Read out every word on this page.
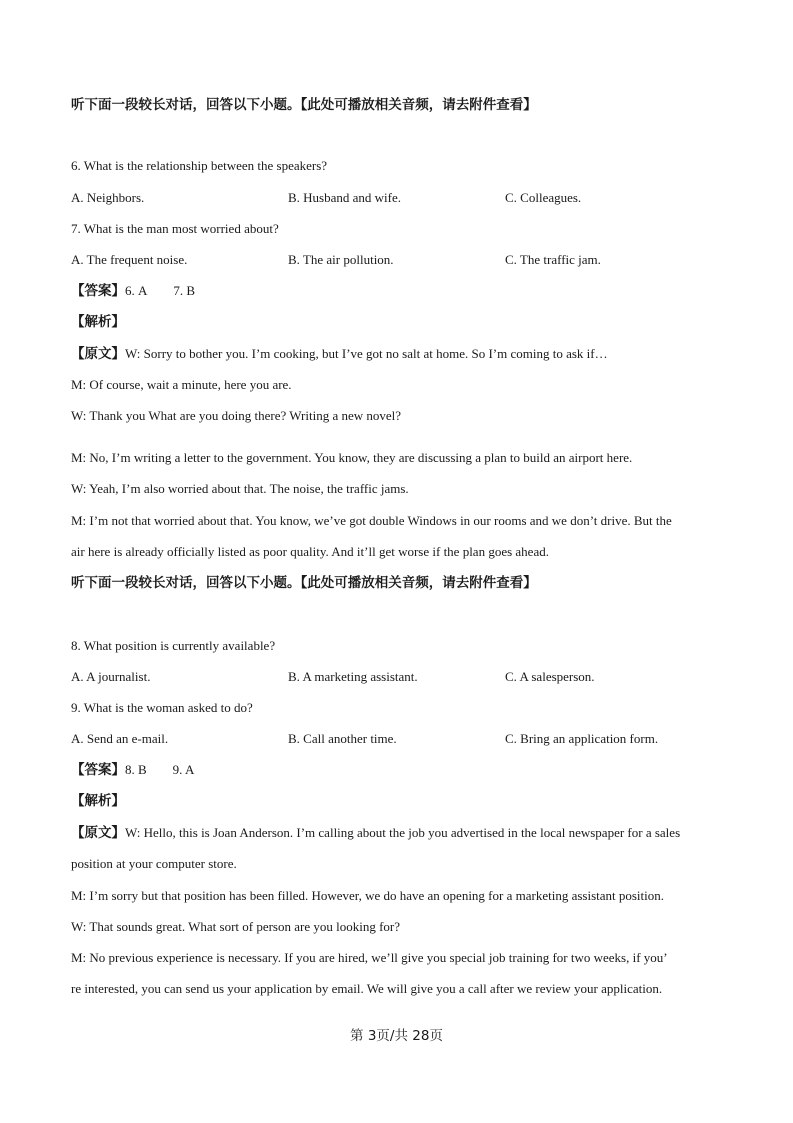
听下面一段较长对话，回答以下小题。【此处可播放相关音频，请去附件查看】
6. What is the relationship between the speakers?
A. Neighbors.	B. Husband and wife.	C. Colleagues.
7. What is the man most worried about?
A. The frequent noise.	B. The air pollution.	C. The traffic jam.
【答案】6. A 7. B
【解析】
【原文】W: Sorry to bother you. I’m cooking, but I’ve got no salt at home. So I’m coming to ask if…
M: Of course, wait a minute, here you are.
W: Thank you What are you doing there? Writing a new novel?
M: No, I’m writing a letter to the government. You know, they are discussing a plan to build an airport here.
W: Yeah, I’m also worried about that. The noise, the traffic jams.
M: I’m not that worried about that. You know, we’ve got double Windows in our rooms and we don’t drive. But the
air here is already officially listed as poor quality. And it’ll get worse if the plan goes ahead.
听下面一段较长对话，回答以下小题。【此处可播放相关音频，请去附件查看】
8. What position is currently available?
A. A journalist.	B. A marketing assistant.	C. A salesperson.
9. What is the woman asked to do?
A. Send an e-mail.	B. Call another time.	C. Bring an application form.
【答案】8. B 9. A
【解析】
【原文】W: Hello, this is Joan Anderson. I’m calling about the job you advertised in the local newspaper for a sales
position at your computer store.
M: I’m sorry but that position has been filled. However, we do have an opening for a marketing assistant position.
W: That sounds great. What sort of person are you looking for?
M: No previous experience is necessary. If you are hired, we’ll give you special job training for two weeks, if you’
re interested, you can send us your application by email. We will give you a call after we review your application.
第 3页/共 28页
